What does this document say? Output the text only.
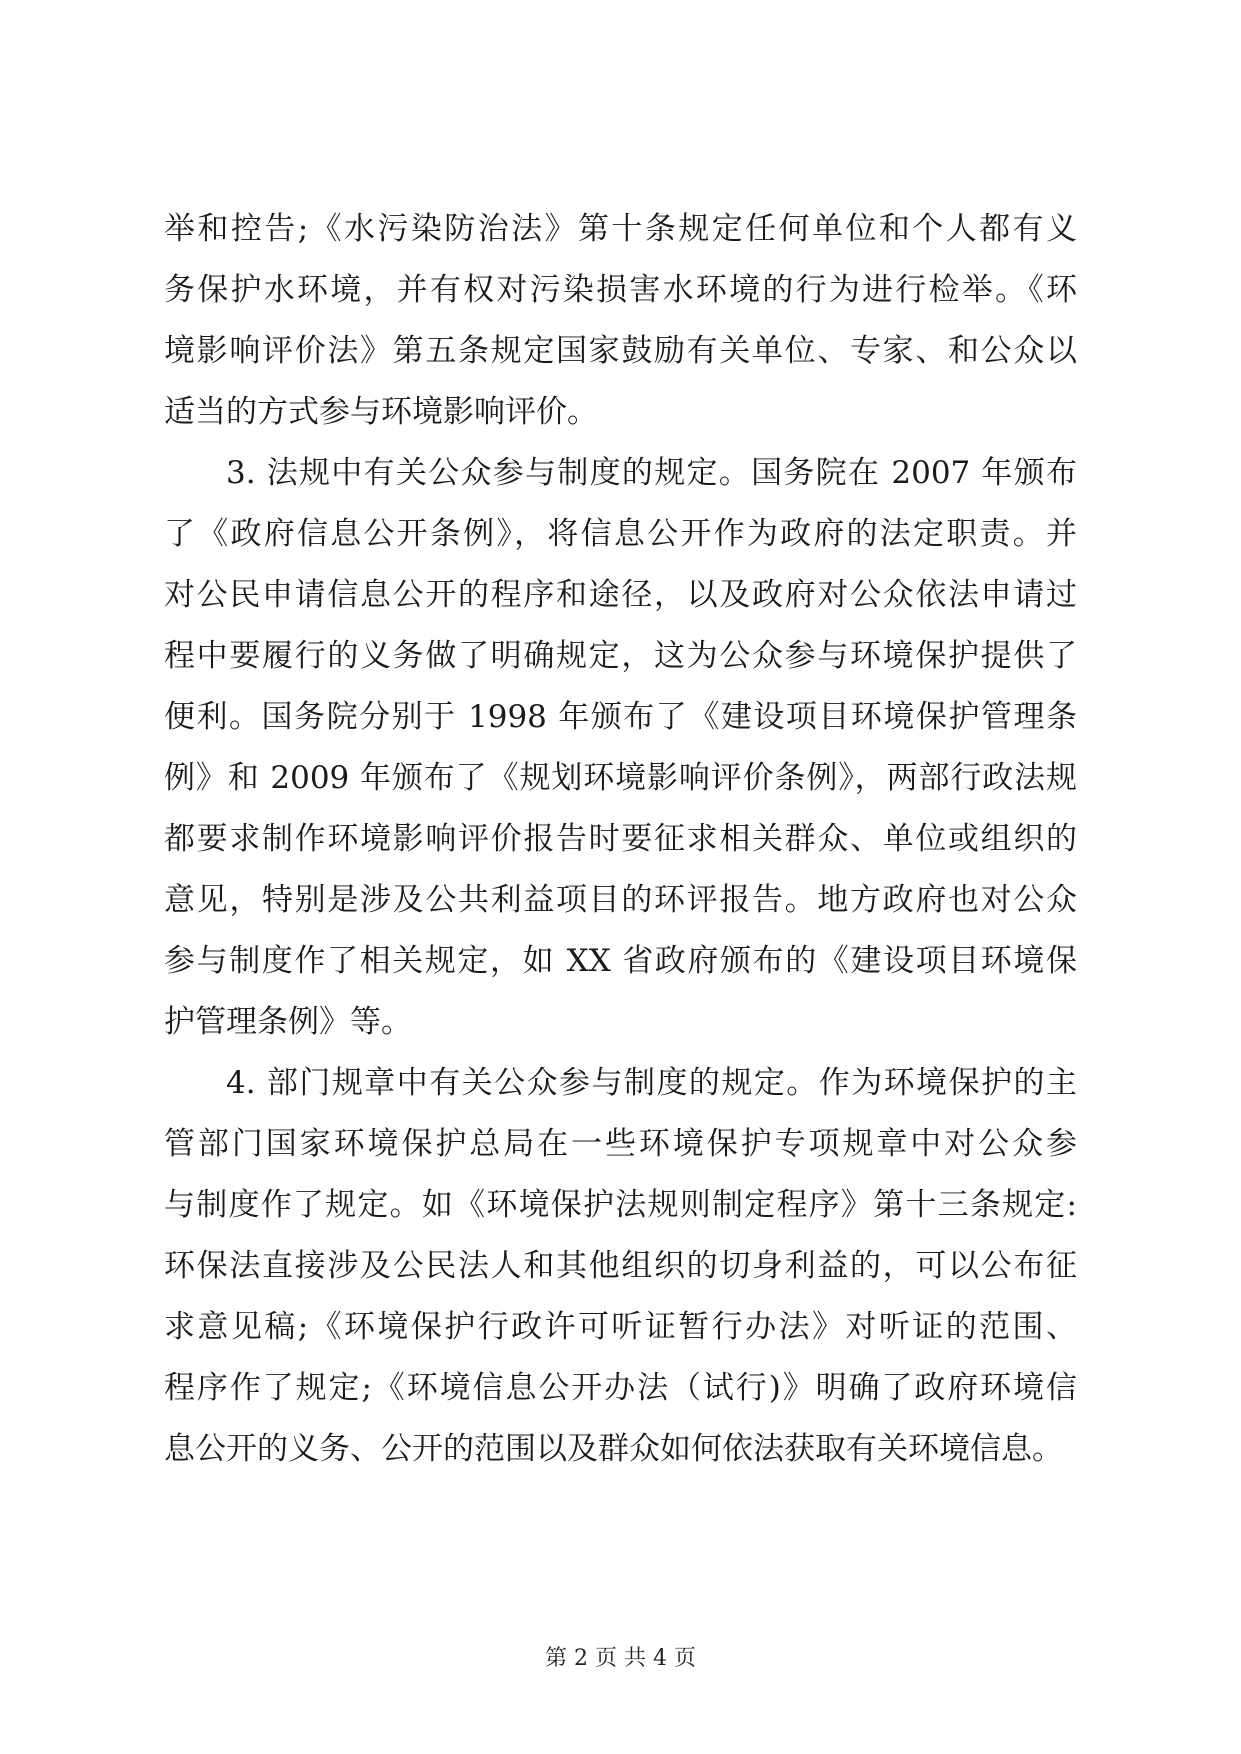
举和控告;《水污染防治法》第十条规定任何单位和个人都有义
务保护水环境，并有权对污染损害水环境的行为进行检举。《环
境影响评价法》第五条规定国家鼓励有关单位、专家、和公众以
适当的方式参与环境影响评价。
3. 法规中有关公众参与制度的规定。国务院在 2007 年颁布
了《政府信息公开条例》，将信息公开作为政府的法定职责。并
对公民申请信息公开的程序和途径，以及政府对公众依法申请过
程中要履行的义务做了明确规定，这为公众参与环境保护提供了
便利。国务院分别于 1998 年颁布了《建设项目环境保护管理条
例》和 2009 年颁布了《规划环境影响评价条例》，两部行政法规
都要求制作环境影响评价报告时要征求相关群众、单位或组织的
意见，特别是涉及公共利益项目的环评报告。地方政府也对公众
参与制度作了相关规定，如 XX 省政府颁布的《建设项目环境保
护管理条例》等。
4. 部门规章中有关公众参与制度的规定。作为环境保护的主
管部门国家环境保护总局在一些环境保护专项规章中对公众参
与制度作了规定。如《环境保护法规则制定程序》第十三条规定:
环保法直接涉及公民法人和其他组织的切身利益的，可以公布征
求意见稿;《环境保护行政许可听证暂行办法》对听证的范围、
程序作了规定;《环境信息公开办法（试行)》明确了政府环境信
息公开的义务、公开的范围以及群众如何依法获取有关环境信息。
第 2 页 共 4 页
